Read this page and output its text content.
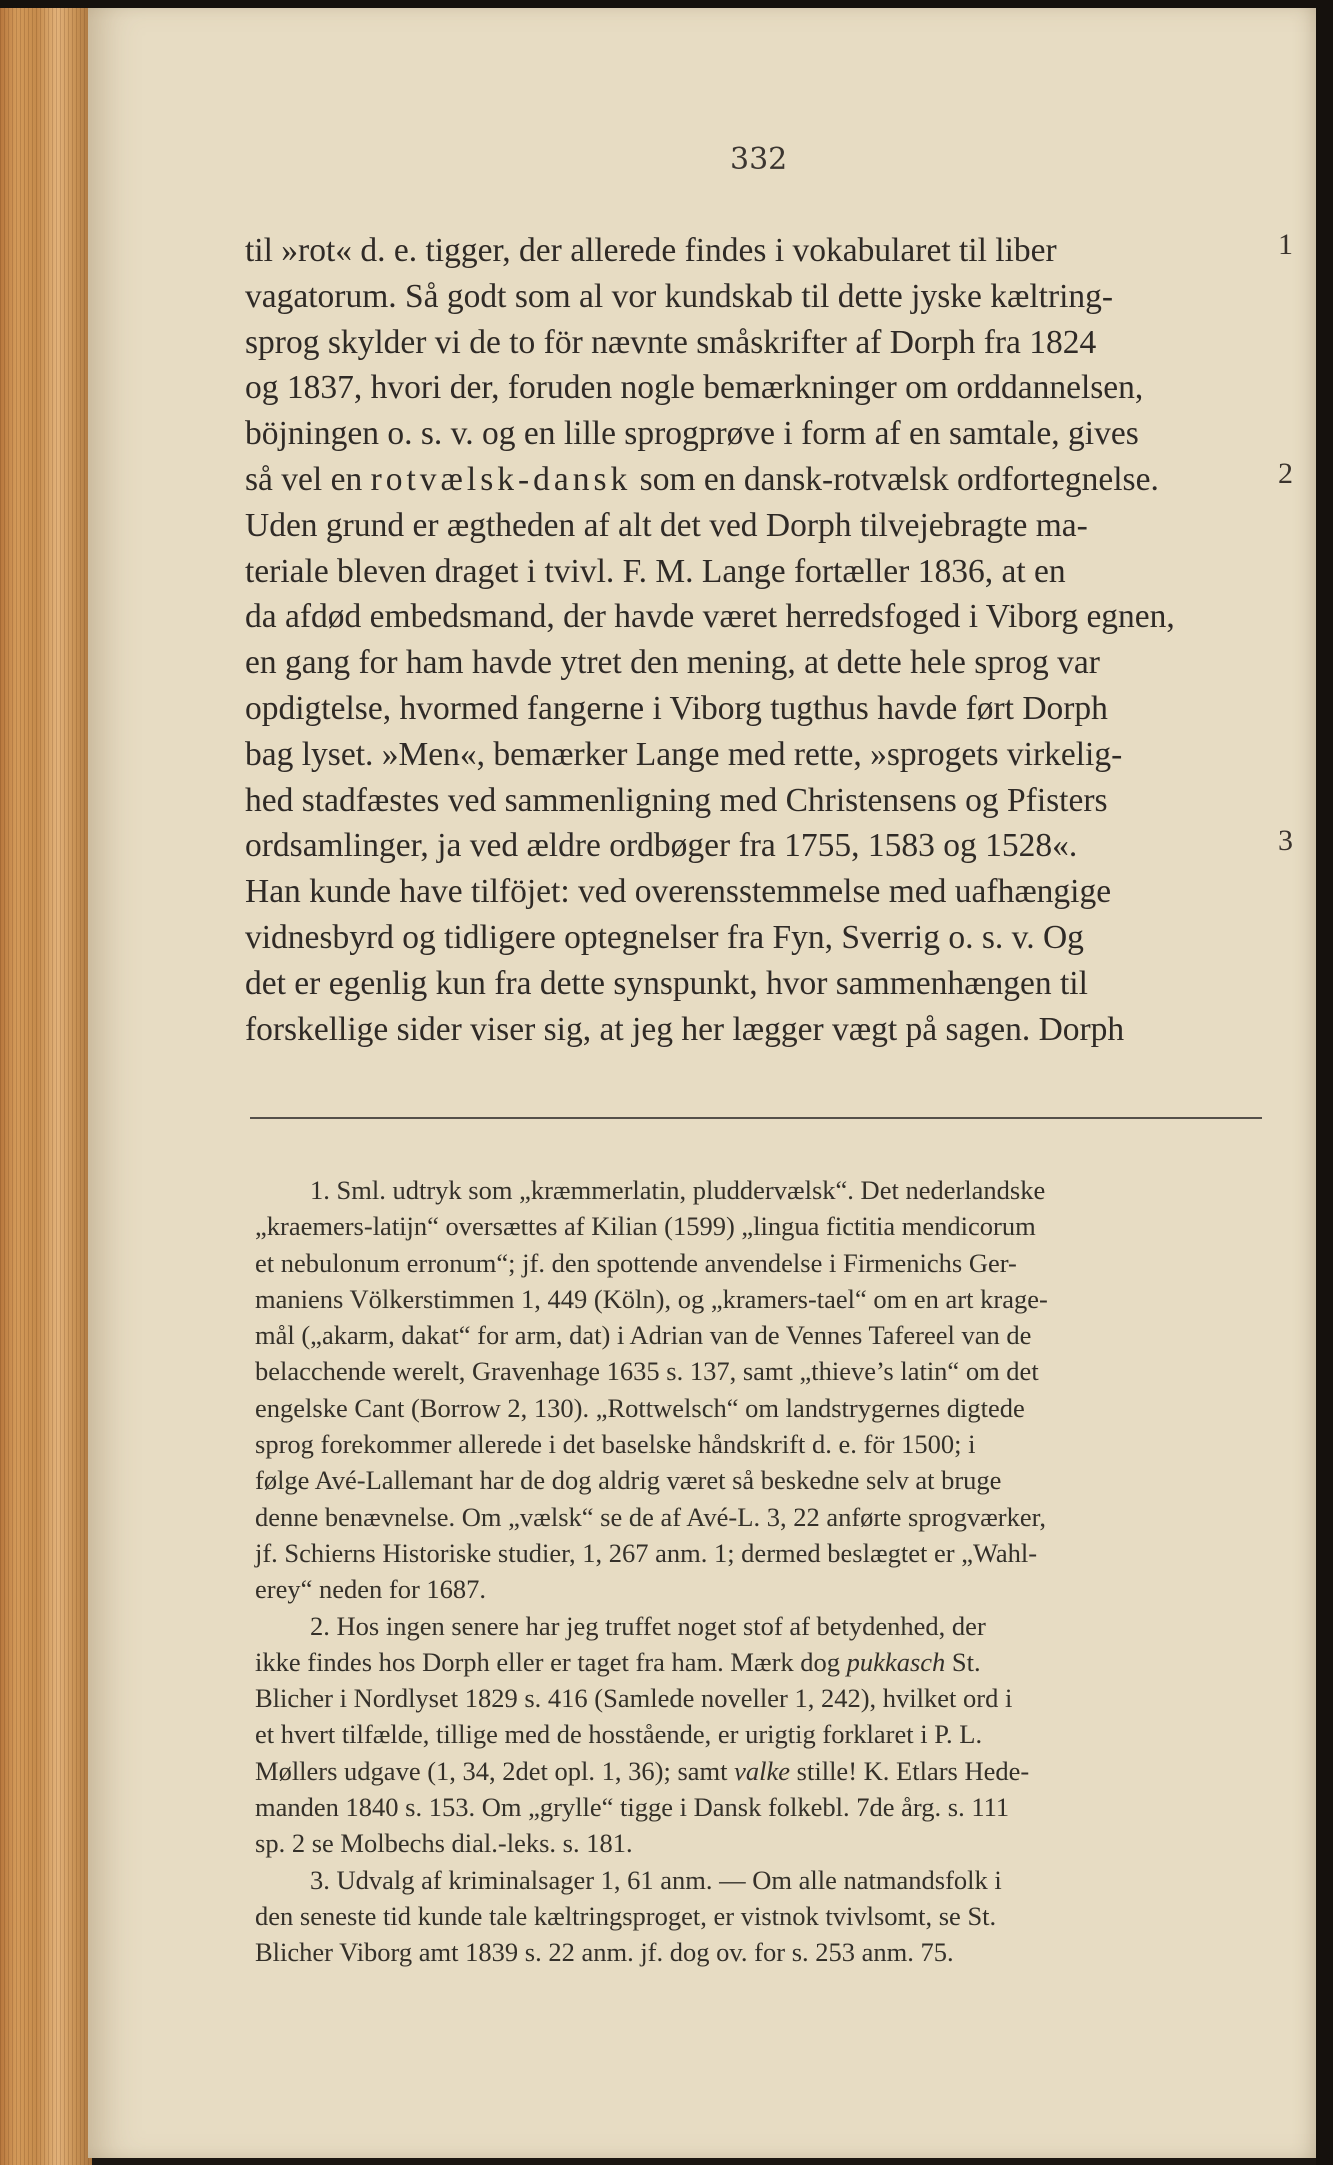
332
til »rot« d. e. tigger, der allerede findes i vokabularet til liber
vagatorum. Så godt som al vor kundskab til dette jyske kæltring-
sprog skylder vi de to för nævnte småskrifter af Dorph fra 1824
og 1837, hvori der, foruden nogle bemærkninger om orddannelsen,
böjningen o. s. v. og en lille sprogprøve i form af en samtale, gives
så vel en rotvælsk-dansk som en dansk-rotvælsk ordfortegnelse.
Uden grund er ægtheden af alt det ved Dorph tilvejebragte ma-
teriale bleven draget i tvivl. F. M. Lange fortæller 1836, at en
da afdød embedsmand, der havde været herredsfoged i Viborg egnen,
en gang for ham havde ytret den mening, at dette hele sprog var
opdigtelse, hvormed fangerne i Viborg tugthus havde ført Dorph
bag lyset. »Men«, bemærker Lange med rette, »sprogets virkelig-
hed stadfæstes ved sammenligning med Christensens og Pfisters
ordsamlinger, ja ved ældre ordbøger fra 1755, 1583 og 1528«.
Han kunde have tilföjet: ved overensstemmelse med uafhængige
vidnesbyrd og tidligere optegnelser fra Fyn, Sverrig o. s. v. Og
det er egenlig kun fra dette synspunkt, hvor sammenhængen til
forskellige sider viser sig, at jeg her lægger vægt på sagen. Dorph
1
2
3
1. Sml. udtryk som „kræmmerlatin, pluddervælsk“. Det nederlandske
„kraemers-latijn“ oversættes af Kilian (1599) „lingua fictitia mendicorum
et nebulonum erronum“; jf. den spottende anvendelse i Firmenichs Ger-
maniens Völkerstimmen 1, 449 (Köln), og „kramers-tael“ om en art krage-
mål („akarm, dakat“ for arm, dat) i Adrian van de Vennes Tafereel van de
belacchende werelt, Gravenhage 1635 s. 137, samt „thieve’s latin“ om det
engelske Cant (Borrow 2, 130). „Rottwelsch“ om landstrygernes digtede
sprog forekommer allerede i det baselske håndskrift d. e. för 1500; i
følge Avé-Lallemant har de dog aldrig været så beskedne selv at bruge
denne benævnelse. Om „vælsk“ se de af Avé-L. 3, 22 anførte sprogværker,
jf. Schierns Historiske studier, 1, 267 anm. 1; dermed beslægtet er „Wahl-
erey“ neden for 1687.
2. Hos ingen senere har jeg truffet noget stof af betydenhed, der
ikke findes hos Dorph eller er taget fra ham. Mærk dog pukkasch St.
Blicher i Nordlyset 1829 s. 416 (Samlede noveller 1, 242), hvilket ord i
et hvert tilfælde, tillige med de hosstående, er urigtig forklaret i P. L.
Møllers udgave (1, 34, 2det opl. 1, 36); samt valke stille! K. Etlars Hede-
manden 1840 s. 153. Om „grylle“ tigge i Dansk folkebl. 7de årg. s. 111
sp. 2 se Molbechs dial.-leks. s. 181.
3. Udvalg af kriminalsager 1, 61 anm. — Om alle natmandsfolk i
den seneste tid kunde tale kæltringsproget, er vistnok tvivlsomt, se St.
Blicher Viborg amt 1839 s. 22 anm. jf. dog ov. for s. 253 anm. 75.
